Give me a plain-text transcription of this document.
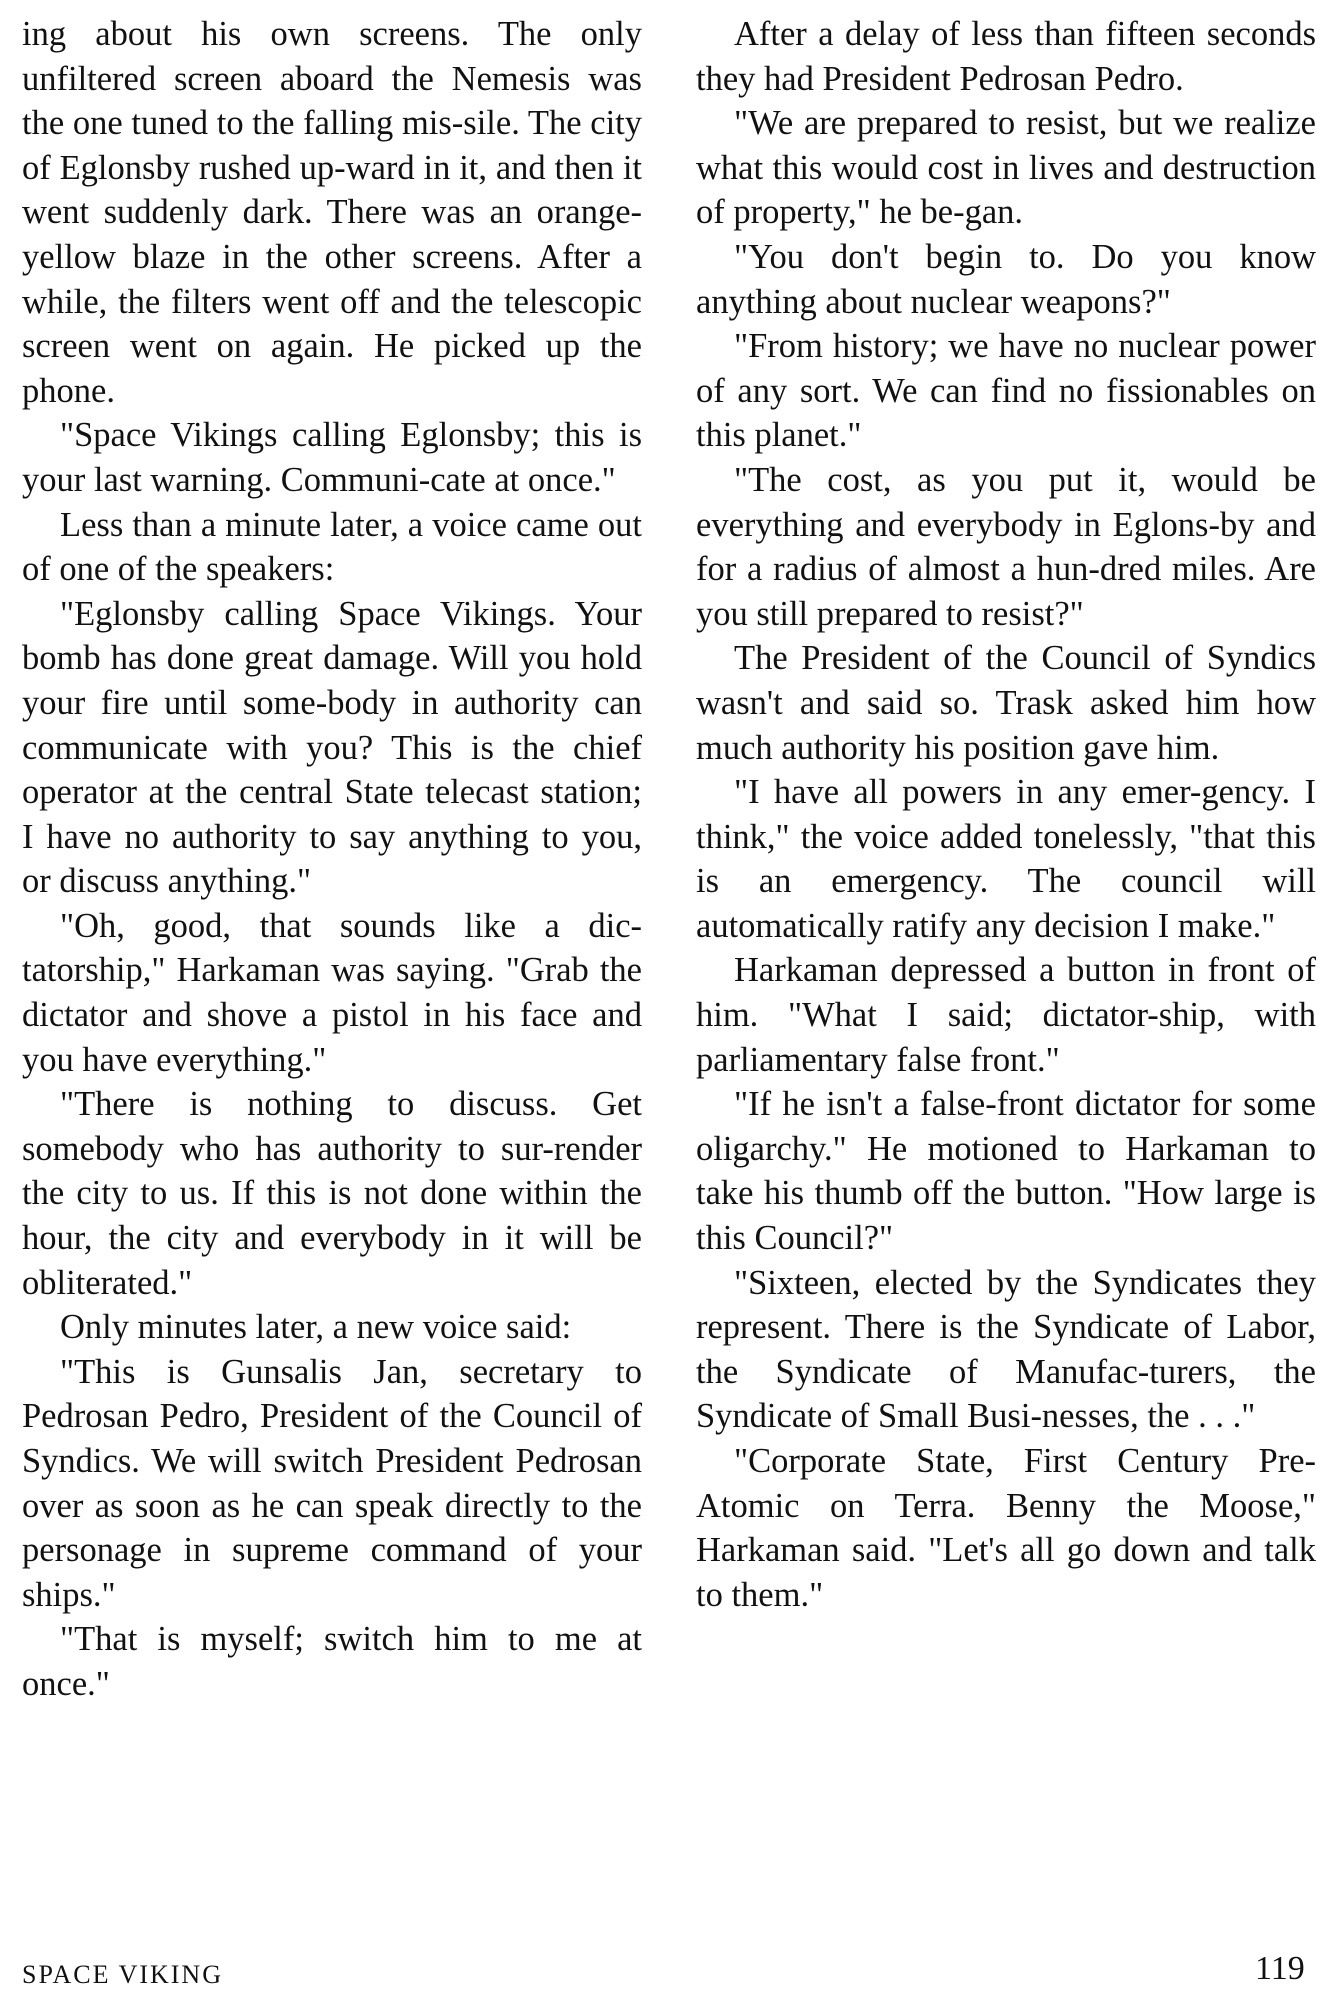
ing about his own screens. The only unfiltered screen aboard the Nemesis was the one tuned to the falling mis-sile. The city of Eglonsby rushed up-ward in it, and then it went suddenly dark. There was an orange-yellow blaze in the other screens. After a while, the filters went off and the telescopic screen went on again. He picked up the phone.

"Space Vikings calling Eglonsby; this is your last warning. Communi-cate at once."

Less than a minute later, a voice came out of one of the speakers:

"Eglonsby calling Space Vikings. Your bomb has done great damage. Will you hold your fire until some-body in authority can communicate with you? This is the chief operator at the central State telecast station; I have no authority to say anything to you, or discuss anything."

"Oh, good, that sounds like a dic-tatorship," Harkaman was saying. "Grab the dictator and shove a pistol in his face and you have everything."

"There is nothing to discuss. Get somebody who has authority to sur-render the city to us. If this is not done within the hour, the city and everybody in it will be obliterated."

Only minutes later, a new voice said:

"This is Gunsalis Jan, secretary to Pedrosan Pedro, President of the Council of Syndics. We will switch President Pedrosan over as soon as he can speak directly to the personage in supreme command of your ships."

"That is myself; switch him to me at once."

After a delay of less than fifteen seconds they had President Pedrosan Pedro.

"We are prepared to resist, but we realize what this would cost in lives and destruction of property," he be-gan.

"You don't begin to. Do you know anything about nuclear weapons?"

"From history; we have no nuclear power of any sort. We can find no fissionables on this planet."

"The cost, as you put it, would be everything and everybody in Eglons-by and for a radius of almost a hun-dred miles. Are you still prepared to resist?"

The President of the Council of Syndics wasn't and said so. Trask asked him how much authority his position gave him.

"I have all powers in any emer-gency. I think," the voice added tonelessly, "that this is an emergency. The council will automatically ratify any decision I make."

Harkaman depressed a button in front of him. "What I said; dictator-ship, with parliamentary false front."

"If he isn't a false-front dictator for some oligarchy." He motioned to Harkaman to take his thumb off the button. "How large is this Council?"

"Sixteen, elected by the Syndicates they represent. There is the Syndicate of Labor, the Syndicate of Manufac-turers, the Syndicate of Small Busi-nesses, the . . ."

"Corporate State, First Century Pre-Atomic on Terra. Benny the Moose," Harkaman said. "Let's all go down and talk to them."

SPACE VIKING	119
